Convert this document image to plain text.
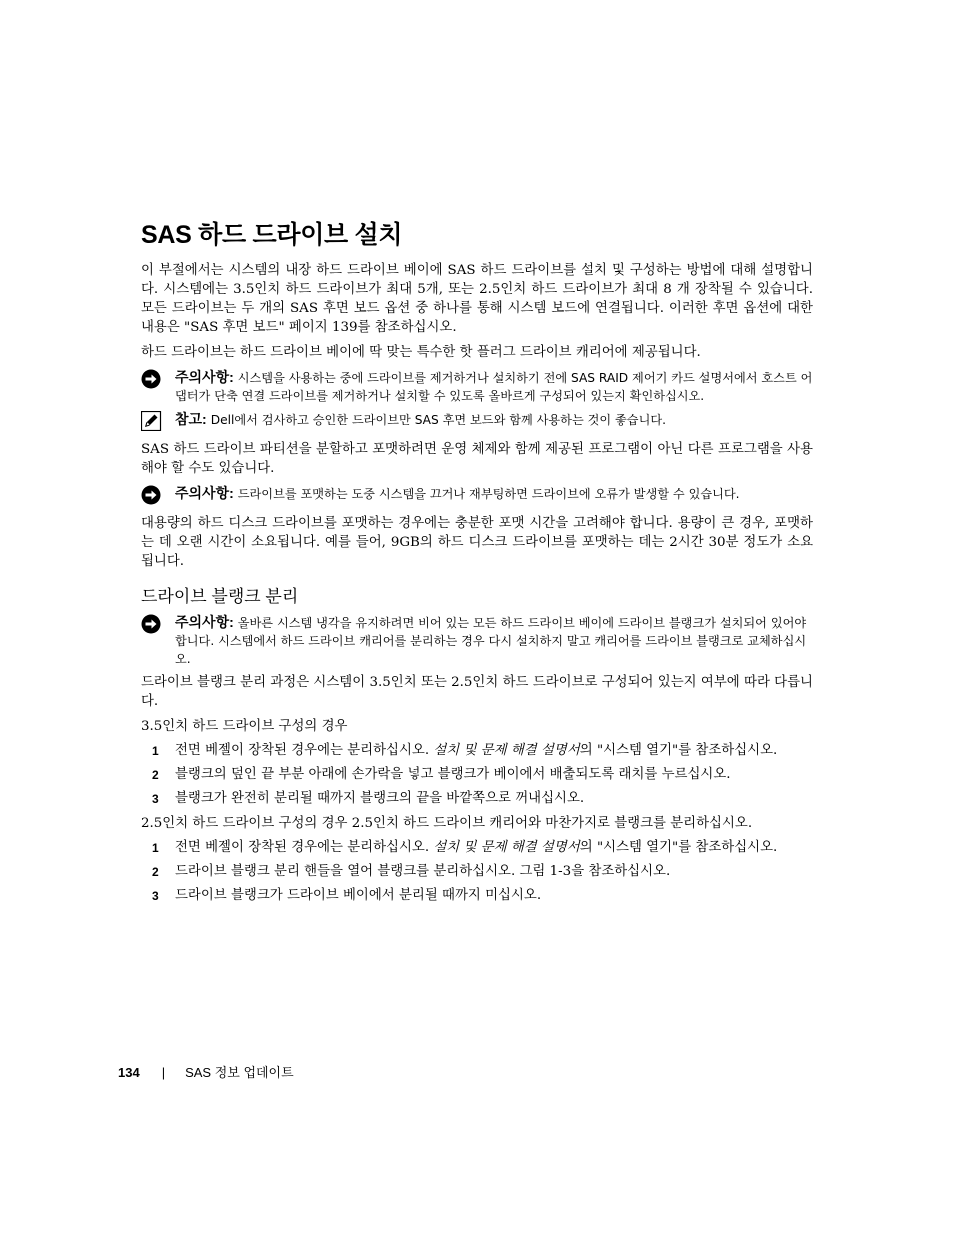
SAS 하드 드라이브 설치

이 부절에서는 시스템의 내장 하드 드라이브 베이에 SAS 하드 드라이브를 설치 및 구성하는 방법에 대해 설명합니다. 시스템에는 3.5인치 하드 드라이브가 최대 5개, 또는 2.5인치 하드 드라이브가 최대 8 개 장착될 수 있습니다. 모든 드라이브는 두 개의 SAS 후면 보드 옵션 중 하나를 통해 시스템 보드에 연결됩니다. 이러한 후면 옵션에 대한 내용은 "SAS 후면 보드" 페이지 139를 참조하십시오.

하드 드라이브는 하드 드라이브 베이에 딱 맞는 특수한 핫 플러그 드라이브 캐리어에 제공됩니다.

주의사항: 시스템을 사용하는 중에 드라이브를 제거하거나 설치하기 전에 SAS RAID 제어기 카드 설명서에서 호스트 어댑터가 단축 연결 드라이브를 제거하거나 설치할 수 있도록 올바르게 구성되어 있는지 확인하십시오.
참고: Dell에서 검사하고 승인한 드라이브만 SAS 후면 보드와 함께 사용하는 것이 좋습니다.

SAS 하드 드라이브 파티션을 분할하고 포맷하려면 운영 체제와 함께 제공된 프로그램이 아닌 다른 프로그램을 사용해야 할 수도 있습니다.

주의사항: 드라이브를 포맷하는 도중 시스템을 끄거나 재부팅하면 드라이브에 오류가 발생할 수 있습니다.

대용량의 하드 디스크 드라이브를 포맷하는 경우에는 충분한 포맷 시간을 고려해야 합니다. 용량이 큰 경우, 포맷하는 데 오랜 시간이 소요됩니다. 예를 들어, 9GB의 하드 디스크 드라이브를 포맷하는 데는 2시간 30분 정도가 소요됩니다.

드라이브 블랭크 분리
주의사항: 올바른 시스템 냉각을 유지하려면 비어 있는 모든 하드 드라이브 베이에 드라이브 블랭크가 설치되어 있어야 합니다. 시스템에서 하드 드라이브 캐리어를 분리하는 경우 다시 설치하지 말고 캐리어를 드라이브 블랭크로 교체하십시오.

드라이브 블랭크 분리 과정은 시스템이 3.5인치 또는 2.5인치 하드 드라이브로 구성되어 있는지 여부에 따라 다릅니다.

3.5인치 하드 드라이브 구성의 경우

1	전면 베젤이 장착된 경우에는 분리하십시오. 설치 및 문제 해결 설명서의 "시스템 열기"를 참조하십시오.
2	블랭크의 덮인 끝 부분 아래에 손가락을 넣고 블랭크가 베이에서 배출되도록 래치를 누르십시오.
3	블랭크가 완전히 분리될 때까지 블랭크의 끝을 바깥쪽으로 꺼내십시오.

2.5인치 하드 드라이브 구성의 경우 2.5인치 하드 드라이브 캐리어와 마찬가지로 블랭크를 분리하십시오.

1	전면 베젤이 장착된 경우에는 분리하십시오. 설치 및 문제 해결 설명서의 "시스템 열기"를 참조하십시오.
2	드라이브 블랭크 분리 핸들을 열어 블랭크를 분리하십시오. 그림 1-3을 참조하십시오.
3	드라이브 블랭크가 드라이브 베이에서 분리될 때까지 미십시오.
134 | SAS 정보 업데이트
